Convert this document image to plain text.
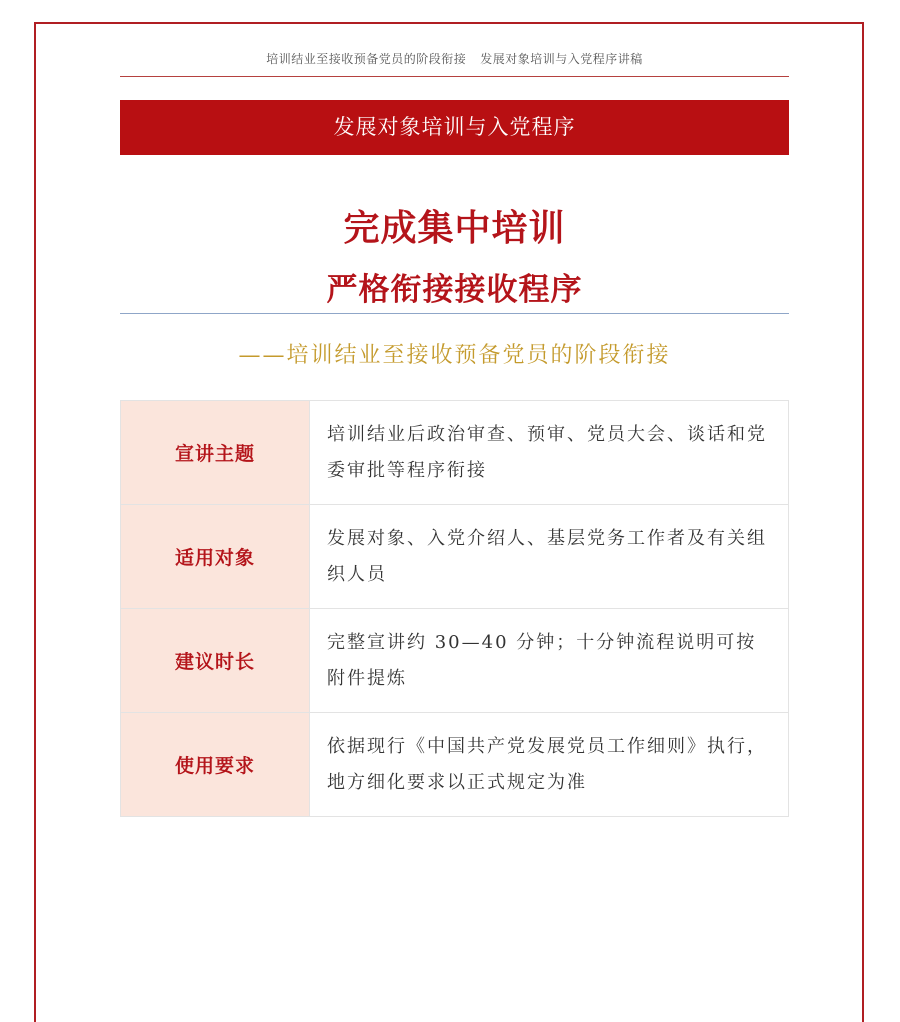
培训结业至接收预备党员的阶段衔接 发展对象培训与入党程序讲稿
发展对象培训与入党程序
完成集中培训
严格衔接接收程序
——培训结业至接收预备党员的阶段衔接
宣讲主题	培训结业后政治审查、预审、党员大会、谈话和党委审批等程序衔接
适用对象	发展对象、入党介绍人、基层党务工作者及有关组织人员
建议时长	完整宣讲约 30—40 分钟；十分钟流程说明可按附件提炼
使用要求	依据现行《中国共产党发展党员工作细则》执行，地方细化要求以正式规定为准
